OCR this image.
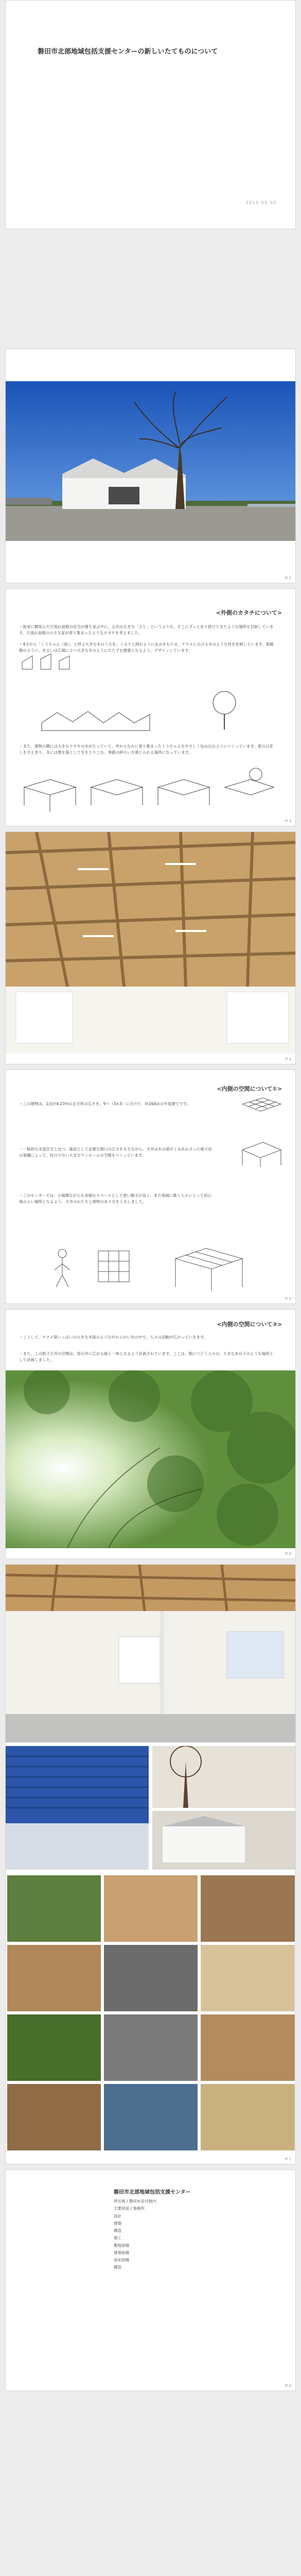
磐田市北部地域包括支援センターの新しいたてものについて
2015.05.05
P. 2
<外側のカタチについて>
・街並に馴染んだ片流れ屋根の住宅が建ち並ぶ中に、公共の大きな「ひと」というよりも、そこにずっと在り続けてきたような場所を目指しています。片流れ屋根の小さな家が寄り集まったようなカタチを考えました。
・4方から「くうちゃん（仮）」と呼ぶ大きな木のうろを、くるりと囲むように丸みをもたせ、ナナメにのびる木のような柱を計画しています。街路樹のように、あるいは広場に立つ大きな木のようにたたずむ建築となるよう、デザインしています。
・また、建物の隅には大きなケヤキの木がたっていて、外からなかに寄り集まったくうちゃんをやさしく包み込むようにつくっています。夏の日差しをさえぎり、冬には葉を落として光をとりこむ、季節の移ろいを感じられる場所になっています。
P. 3
P. 4
<内側の空間について①>
・この建物は、1辺が4.27mの正方形の広さを、9つ（3×3）に分けた、約164㎡の平屋建てです。
・一般的な木造住宅と比べ、施設として必要な間口の広さをもちながら、天井は木の梁がくみあわさった格子状の架構によって、柱の少ない大きなワンルームの空間をつくっています。
・このセンターでは、小規模ながらも多様なスペースとして使い勝手が良く、また地域に集う人々にとって居心地のよい場所となるよう、天井のかたちと照明のあり方を工夫しました。
P. 5
<内側の空間について②>
・こうして、ナナメ梁いっぱいの大きな木陰のようなやわらかい光の中で、人々の活動が広がっていきます。
・また、この格子天井の空間は、窓の外に広がる緑と一体となるよう計画されています。ここは、朝につどう人々の、大きな木の下のような場所として計画しました。
P. 6
P. 7
磐田市北部地域包括支援センター
所在地 / 磐田市見付地内
主要用途 / 事務所
設計
建築
構造
施工
敷地面積
建築面積
延床面積
構造
P. 8
